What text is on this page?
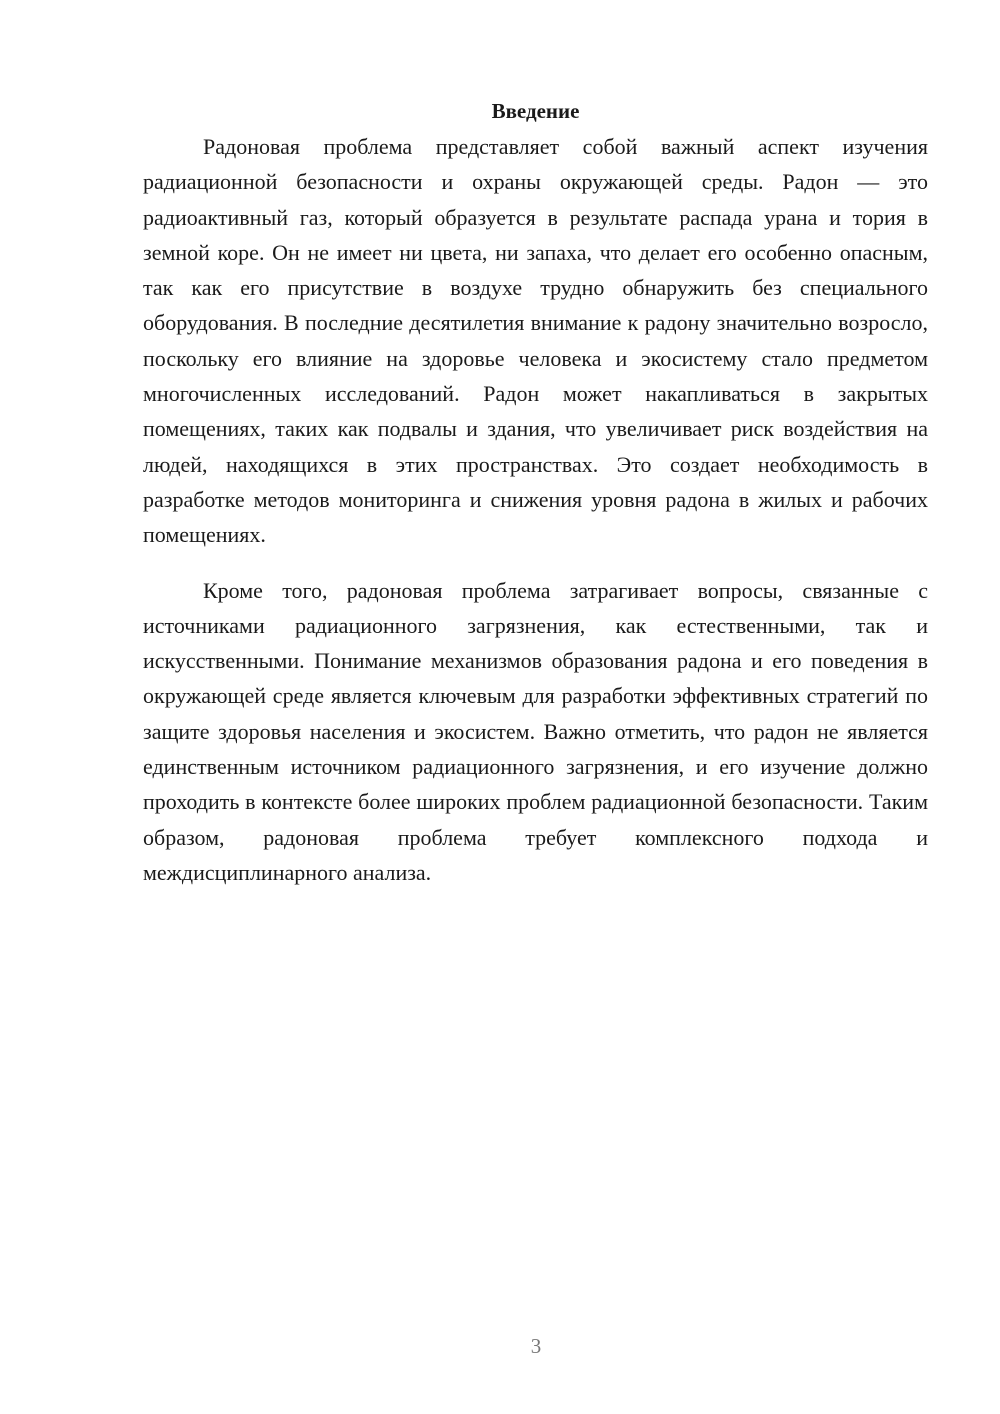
Введение

Радоновая проблема представляет собой важный аспект изучения радиационной безопасности и охраны окружающей среды. Радон — это радиоактивный газ, который образуется в результате распада урана и тория в земной коре. Он не имеет ни цвета, ни запаха, что делает его особенно опасным, так как его присутствие в воздухе трудно обнаружить без специального оборудования. В последние десятилетия внимание к радону значительно возросло, поскольку его влияние на здоровье человека и экосистему стало предметом многочисленных исследований. Радон может накапливаться в закрытых помещениях, таких как подвалы и здания, что увеличивает риск воздействия на людей, находящихся в этих пространствах. Это создает необходимость в разработке методов мониторинга и снижения уровня радона в жилых и рабочих помещениях.

Кроме того, радоновая проблема затрагивает вопросы, связанные с источниками радиационного загрязнения, как естественными, так и искусственными. Понимание механизмов образования радона и его поведения в окружающей среде является ключевым для разработки эффективных стратегий по защите здоровья населения и экосистем. Важно отметить, что радон не является единственным источником радиационного загрязнения, и его изучение должно проходить в контексте более широких проблем радиационной безопасности. Таким образом, радоновая проблема требует комплексного подхода и междисциплинарного анализа.

3
